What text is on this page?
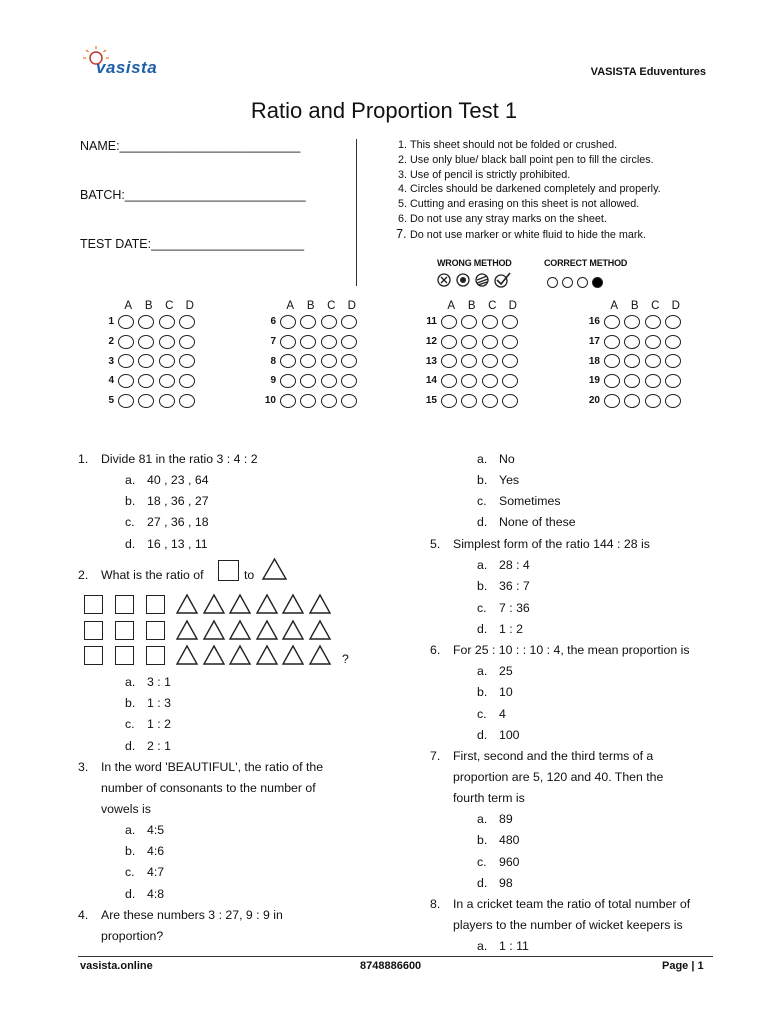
vasista	VASISTA Eduventures
Ratio and Proportion Test 1
NAME:__________________________
BATCH:__________________________
TEST DATE:______________________
1. This sheet should not be folded or crushed.
2. Use only blue/ black ball point pen to fill the circles.
3. Use of pencil is strictly prohibited.
4. Circles should be darkened completely and properly.
5. Cutting and erasing on this sheet is not allowed.
6. Do not use any stray marks on the sheet.
7. Do not use marker or white fluid to hide the mark.
WRONG METHOD	CORRECT METHOD
A B C D
1
2
3
4
5
A B C D
6
7
8
9
10
A B C D
11
12
13
14
15
A B C D
16
17
18
19
20
1. Divide 81 in the ratio 3 : 4 : 2
a. 40 , 23 , 64
b. 18 , 36 , 27
c. 27 , 36 , 18
d. 16 , 13 , 11
2. What is the ratio of	to
?
a. 3 : 1
b. 1 : 3
c. 1 : 2
d. 2 : 1
3. In the word 'BEAUTIFUL', the ratio of the
number of consonants to the number of
vowels is
a. 4:5
b. 4:6
c. 4:7
d. 4:8
4. Are these numbers 3 : 27, 9 : 9 in
proportion?
a. No
b. Yes
c. Sometimes
d. None of these
5. Simplest form of the ratio 144 : 28 is
a. 28 : 4
b. 36 : 7
c. 7 : 36
d. 1 : 2
6. For 25 : 10 : : 10 : 4, the mean proportion is
a. 25
b. 10
c. 4
d. 100
7. First, second and the third terms of a
proportion are 5, 120 and 40. Then the
fourth term is
a. 89
b. 480
c. 960
d. 98
8. In a cricket team the ratio of total number of
players to the number of wicket keepers is
a. 1 : 11
vasista.online	8748886600	Page | 1
